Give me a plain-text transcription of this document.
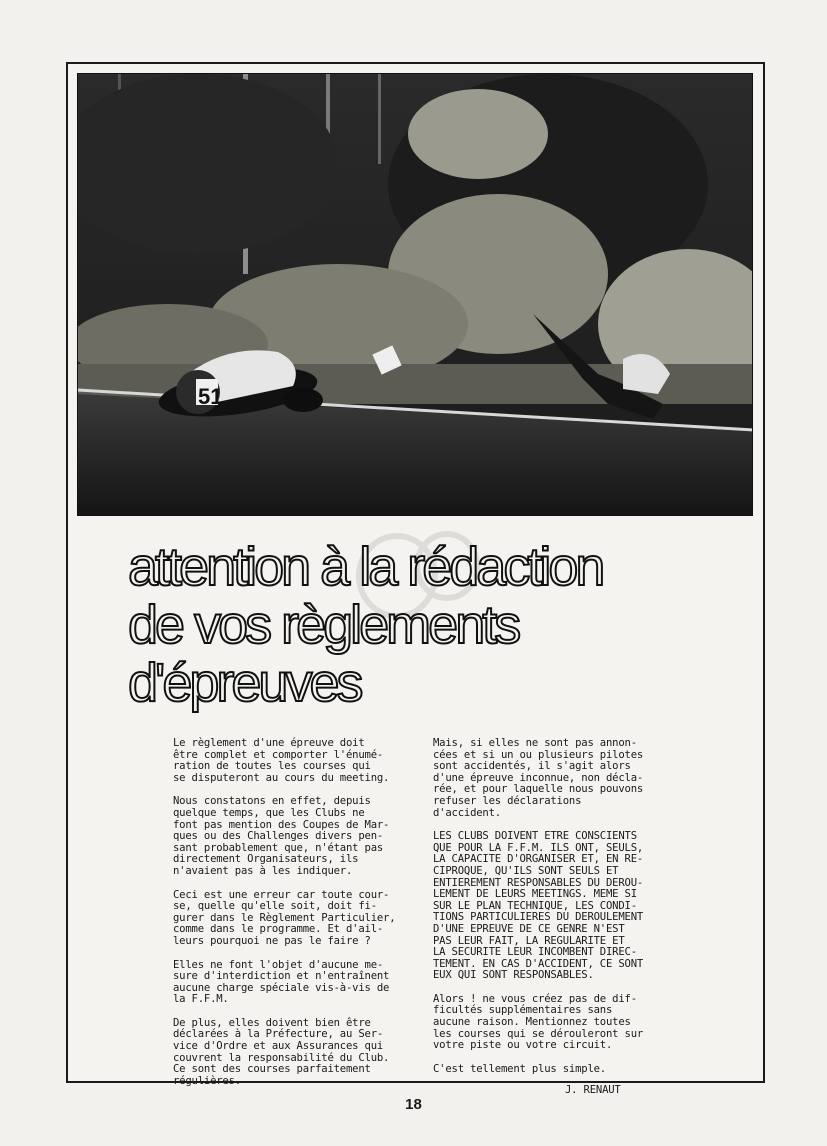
51
attention à la rédaction
de vos règlements
d'épreuves

Le règlement d'une épreuve doit
être complet et comporter l'énumé-
ration de toutes les courses qui
se disputeront au cours du meeting.

Nous constatons en effet, depuis
quelque temps, que les Clubs ne
font pas mention des Coupes de Mar-
ques ou des Challenges divers pen-
sant probablement que, n'étant pas
directement Organisateurs, ils
n'avaient pas à les indiquer.

Ceci est une erreur car toute cour-
se, quelle qu'elle soit, doit fi-
gurer dans le Règlement Particulier,
comme dans le programme. Et d'ail-
leurs pourquoi ne pas le faire ?

Elles ne font l'objet d'aucune me-
sure d'interdiction et n'entraînent
aucune charge spéciale vis-à-vis de
la F.F.M.

De plus, elles doivent bien être
déclarées à la Préfecture, au Ser-
vice d'Ordre et aux Assurances qui
couvrent la responsabilité du Club.
Ce sont des courses parfaitement
régulières.

Mais, si elles ne sont pas annon-
cées et si un ou plusieurs pilotes
sont accidentés, il s'agit alors
d'une épreuve inconnue, non décla-
rée, et pour laquelle nous pouvons
refuser les déclarations d'accident.

LES CLUBS DOIVENT ETRE CONSCIENTS
QUE POUR LA F.F.M. ILS ONT, SEULS,
LA CAPACITE D'ORGANISER ET, EN RE-
CIPROQUE, QU'ILS SONT SEULS ET
ENTIEREMENT RESPONSABLES DU DEROU-
LEMENT DE LEURS MEETINGS. MEME SI
SUR LE PLAN TECHNIQUE, LES CONDI-
TIONS PARTICULIERES DU DEROULEMENT
D'UNE EPREUVE DE CE GENRE N'EST
PAS LEUR FAIT, LA REGULARITE ET
LA SECURITE LEUR INCOMBENT DIREC-
TEMENT. EN CAS D'ACCIDENT, CE SONT
EUX QUI SONT RESPONSABLES.

Alors ! ne vous créez pas de dif-
ficultés supplémentaires sans
aucune raison. Mentionnez toutes
les courses qui se dérouleront sur
votre piste ou votre circuit.

C'est tellement plus simple.

J. RENAUT
18
